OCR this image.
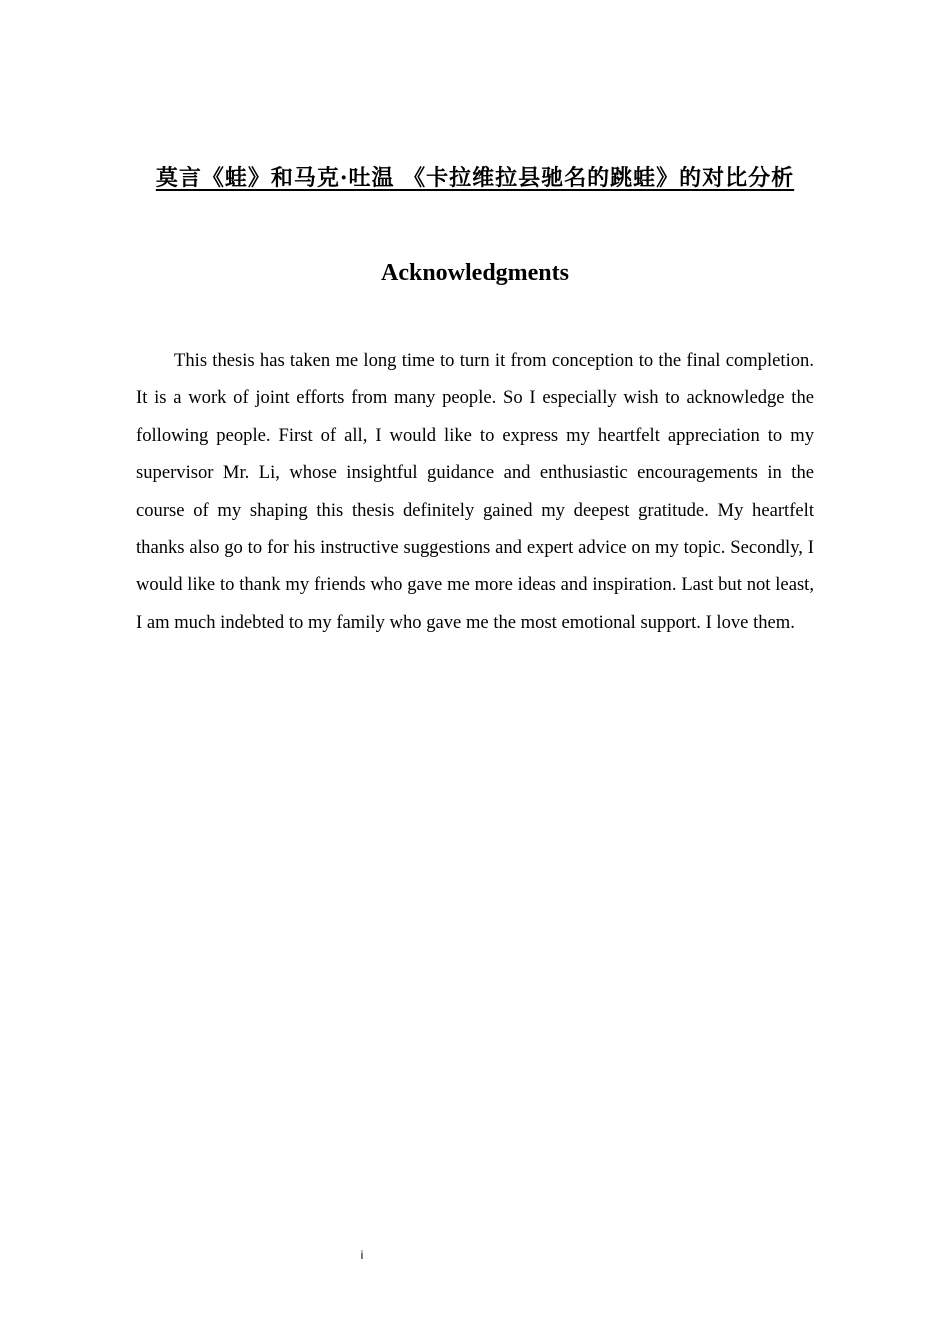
莫言《蛙》和马克·吐温 《卡拉维拉县驰名的跳蛙》的对比分析
Acknowledgments

This thesis has taken me long time to turn it from conception to the final completion. It is a work of joint efforts from many people. So I especially wish to acknowledge the following people. First of all, I would like to express my heartfelt appreciation to my supervisor Mr. Li, whose insightful guidance and enthusiastic encouragements in the course of my shaping this thesis definitely gained my deepest gratitude. My heartfelt thanks also go to for his instructive suggestions and expert advice on my topic. Secondly, I would like to thank my friends who gave me more ideas and inspiration. Last but not least, I am much indebted to my family who gave me the most emotional support. I love them.

i
